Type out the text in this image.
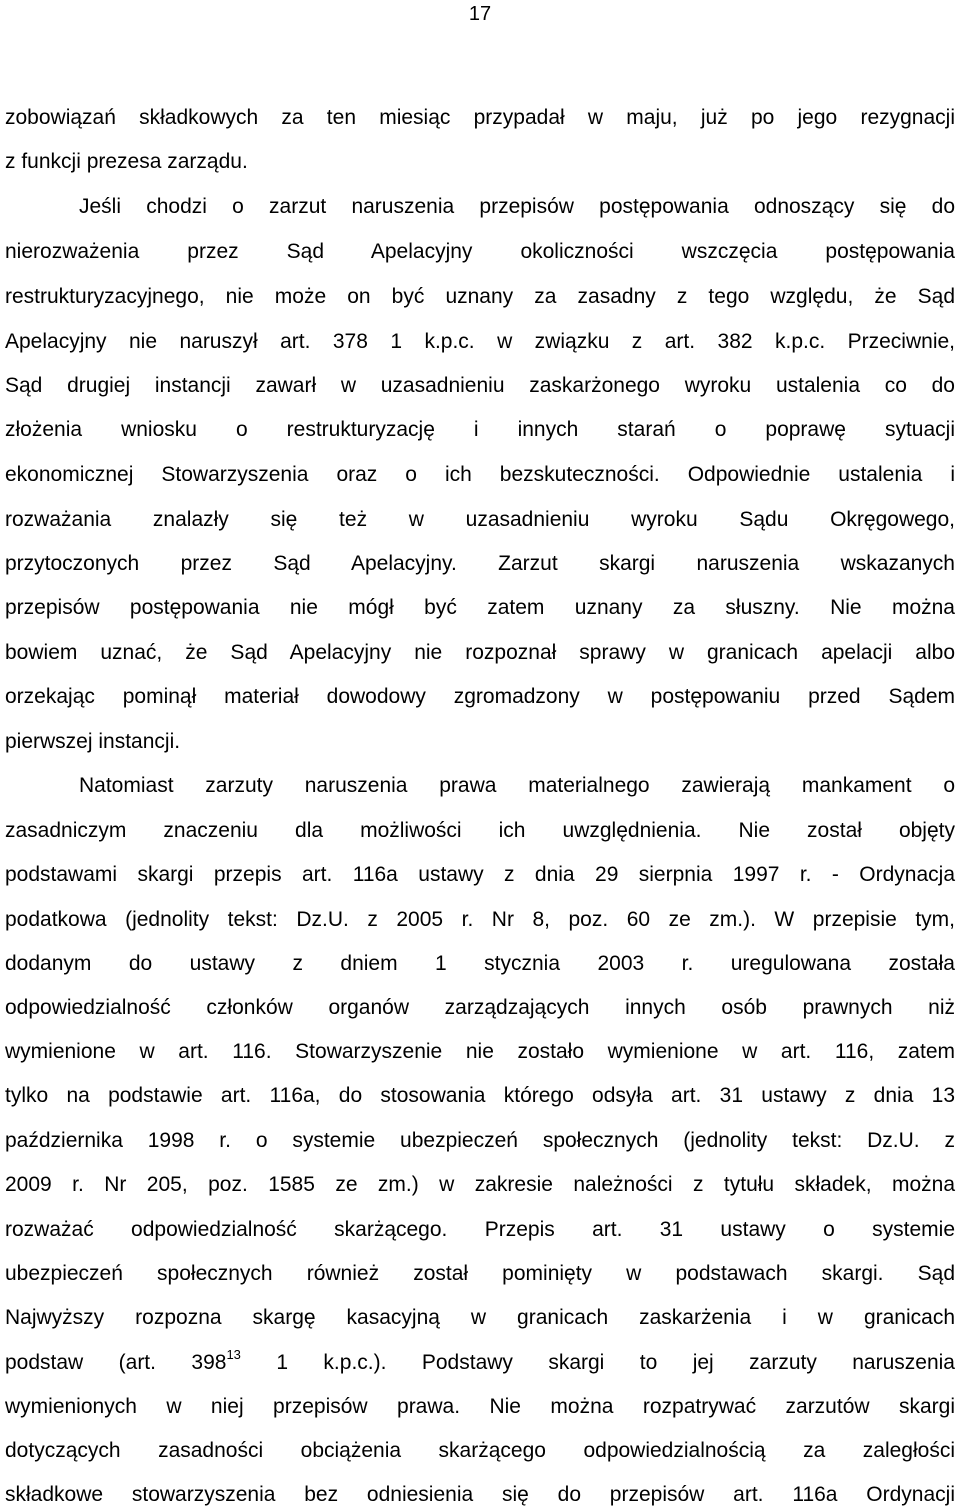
17
zobowiązań składkowych za ten miesiąc przypadał w maju, już po jego rezygnacji
z funkcji prezesa zarządu.
Jeśli chodzi o zarzut naruszenia przepisów postępowania odnoszący się do
nierozważenia przez Sąd Apelacyjny okoliczności wszczęcia postępowania
restrukturyzacyjnego, nie może on być uznany za zasadny z tego względu, że Sąd
Apelacyjny nie naruszył art. 378 1 k.p.c. w związku z art. 382 k.p.c. Przeciwnie,
Sąd drugiej instancji zawarł w uzasadnieniu zaskarżonego wyroku ustalenia co do
złożenia wniosku o restrukturyzację i innych starań o poprawę sytuacji
ekonomicznej Stowarzyszenia oraz o ich bezskuteczności. Odpowiednie ustalenia i
rozważania znalazły się też w uzasadnieniu wyroku Sądu Okręgowego,
przytoczonych przez Sąd Apelacyjny. Zarzut skargi naruszenia wskazanych
przepisów postępowania nie mógł być zatem uznany za słuszny. Nie można
bowiem uznać, że Sąd Apelacyjny nie rozpoznał sprawy w granicach apelacji albo
orzekając pominął materiał dowodowy zgromadzony w postępowaniu przed Sądem
pierwszej instancji.
Natomiast zarzuty naruszenia prawa materialnego zawierają mankament o
zasadniczym znaczeniu dla możliwości ich uwzględnienia. Nie został objęty
podstawami skargi przepis art. 116a ustawy z dnia 29 sierpnia 1997 r. - Ordynacja
podatkowa (jednolity tekst: Dz.U. z 2005 r. Nr 8, poz. 60 ze zm.). W przepisie tym,
dodanym do ustawy z dniem 1 stycznia 2003 r. uregulowana została
odpowiedzialność członków organów zarządzających innych osób prawnych niż
wymienione w art. 116. Stowarzyszenie nie zostało wymienione w art. 116, zatem
tylko na podstawie art. 116a, do stosowania którego odsyła art. 31 ustawy z dnia 13
października 1998 r. o systemie ubezpieczeń społecznych (jednolity tekst: Dz.U. z
2009 r. Nr 205, poz. 1585 ze zm.) w zakresie należności z tytułu składek, można
rozważać odpowiedzialność skarżącego. Przepis art. 31 ustawy o systemie
ubezpieczeń społecznych również został pominięty w podstawach skargi. Sąd
Najwyższy rozpozna skargę kasacyjną w granicach zaskarżenia i w granicach
podstaw (art. $398^{13}$ 1 k.p.c.). Podstawy skargi to jej zarzuty naruszenia
wymienionych w niej przepisów prawa. Nie można rozpatrywać zarzutów skargi
dotyczących zasadności obciążenia skarżącego odpowiedzialnością za zaległości
składkowe stowarzyszenia bez odniesienia się do przepisów art. 116a Ordynacji
